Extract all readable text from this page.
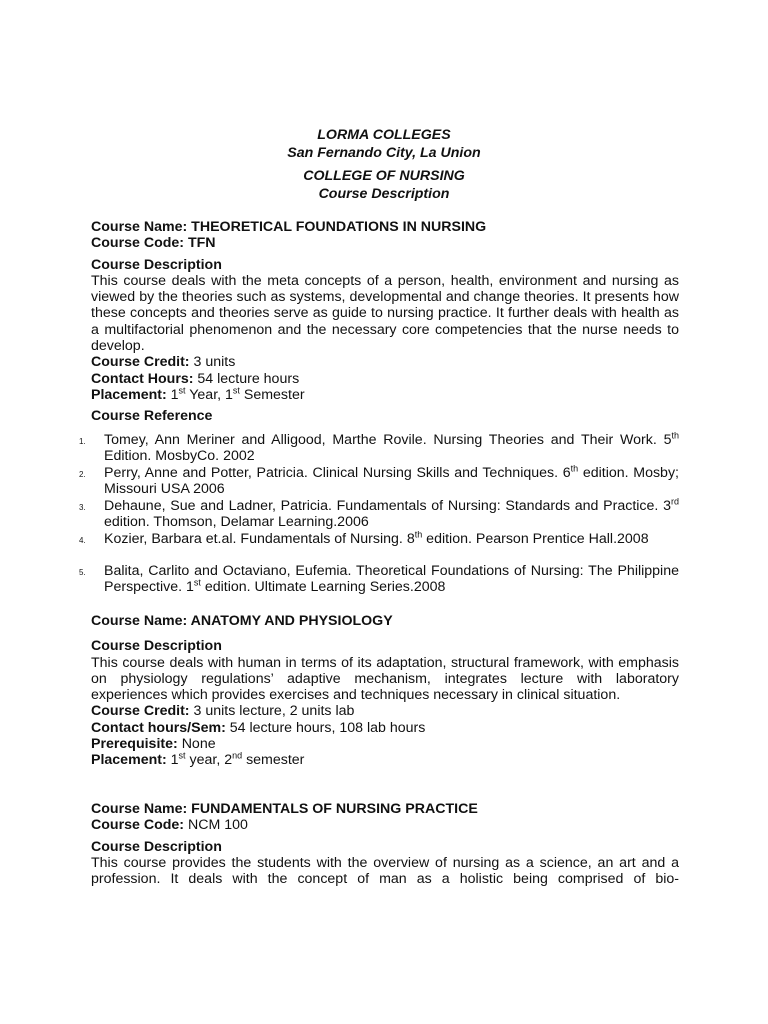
LORMA COLLEGES
San Fernando City, La Union
COLLEGE OF NURSING
Course Description
Course Name: THEORETICAL FOUNDATIONS IN NURSING
Course Code: TFN
Course Description
This course deals with the meta concepts of a person, health, environment and nursing as viewed by the theories such as systems, developmental and change theories. It presents how these concepts and theories serve as guide to nursing practice. It further deals with health as a multifactorial phenomenon and the necessary core competencies that the nurse needs to develop.
Course Credit: 3 units
Contact Hours: 54 lecture hours
Placement: 1st Year, 1st Semester
Course Reference
1.	Tomey, Ann Meriner and Alligood, Marthe Rovile. Nursing Theories and Their Work. 5th Edition. MosbyCo. 2002
2.	Perry, Anne and Potter, Patricia. Clinical Nursing Skills and Techniques. 6th edition. Mosby; Missouri USA 2006
3.	Dehaune, Sue and Ladner, Patricia. Fundamentals of Nursing: Standards and Practice. 3rd edition. Thomson, Delamar Learning.2006
4.	Kozier, Barbara et.al. Fundamentals of Nursing. 8th edition. Pearson Prentice Hall.2008
5.	Balita, Carlito and Octaviano, Eufemia. Theoretical Foundations of Nursing: The Philippine Perspective. 1st edition. Ultimate Learning Series.2008
Course Name: ANATOMY AND PHYSIOLOGY
Course Description
This course deals with human in terms of its adaptation, structural framework, with emphasis on physiology regulations’ adaptive mechanism, integrates lecture with laboratory experiences which provides exercises and techniques necessary in clinical situation.
Course Credit: 3 units lecture, 2 units lab
Contact hours/Sem: 54 lecture hours, 108 lab hours
Prerequisite: None
Placement: 1st year, 2nd semester
Course Name: FUNDAMENTALS OF NURSING PRACTICE
Course Code: NCM 100
Course Description
This course provides the students with the overview of nursing as a science, an art and a profession. It deals with the concept of man as a holistic being comprised of bio-
